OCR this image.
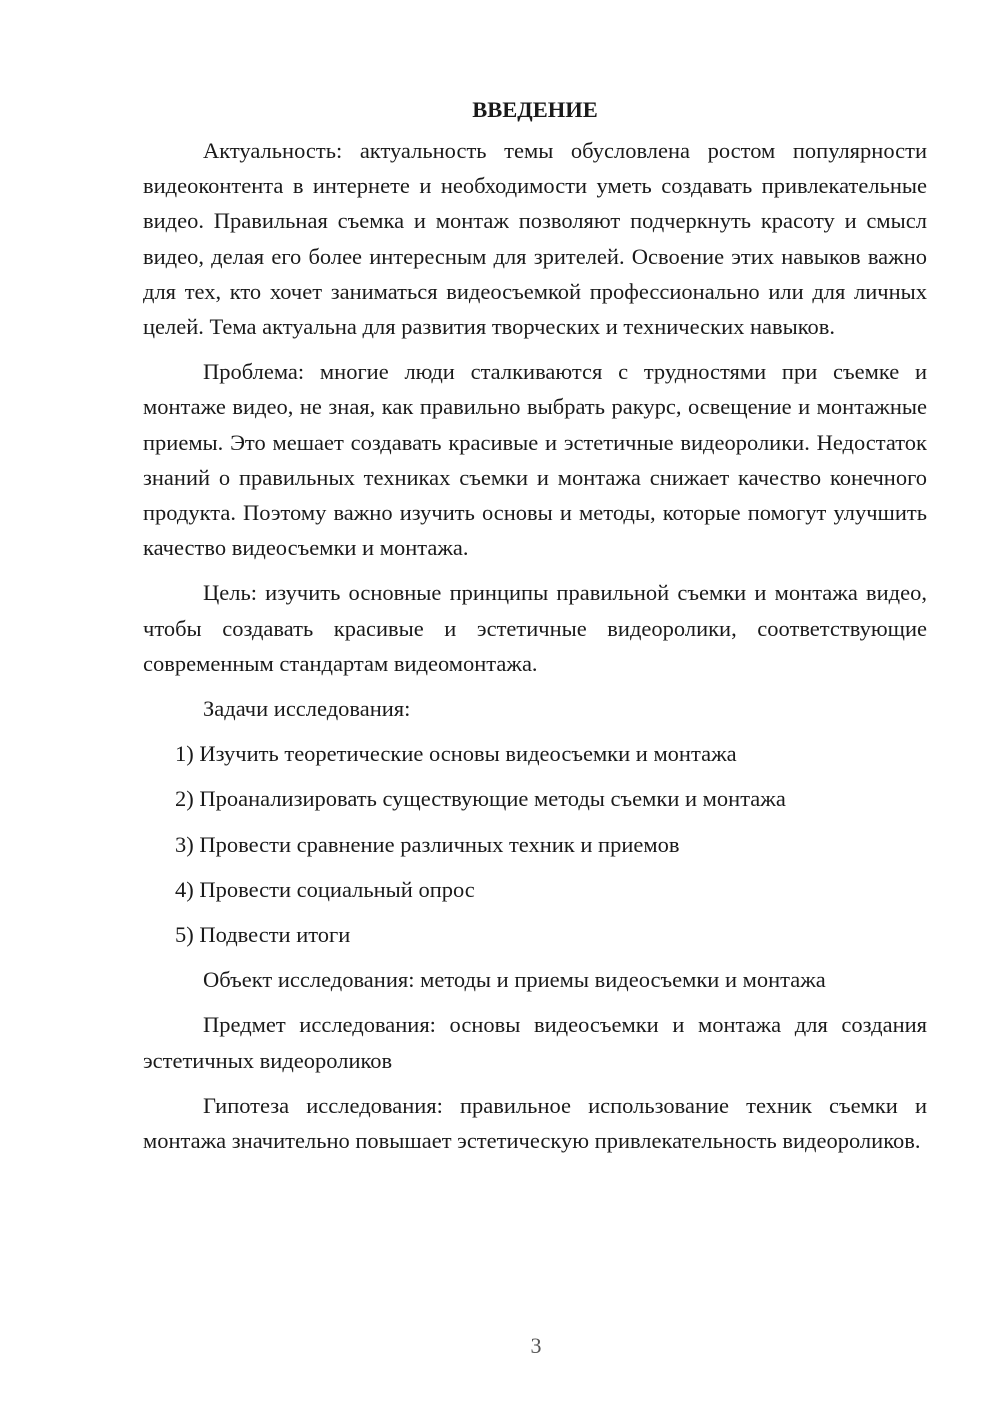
ВВЕДЕНИЕ

Актуальность: актуальность темы обусловлена ростом популярности видеоконтента в интернете и необходимости уметь создавать привлекательные видео. Правильная съемка и монтаж позволяют подчеркнуть красоту и смысл видео, делая его более интересным для зрителей. Освоение этих навыков важно для тех, кто хочет заниматься видеосъемкой профессионально или для личных целей. Тема актуальна для развития творческих и технических навыков.

Проблема: многие люди сталкиваются с трудностями при съемке и монтаже видео, не зная, как правильно выбрать ракурс, освещение и монтажные приемы. Это мешает создавать красивые и эстетичные видеоролики. Недостаток знаний о правильных техниках съемки и монтажа снижает качество конечного продукта. Поэтому важно изучить основы и методы, которые помогут улучшить качество видеосъемки и монтажа.

Цель: изучить основные принципы правильной съемки и монтажа видео, чтобы создавать красивые и эстетичные видеоролики, соответствующие современным стандартам видеомонтажа.

Задачи исследования:

1) Изучить теоретические основы видеосъемки и монтажа
2) Проанализировать существующие методы съемки и монтажа
3) Провести сравнение различных техник и приемов
4) Провести социальный опрос
5) Подвести итоги

Объект исследования: методы и приемы видеосъемки и монтажа

Предмет исследования: основы видеосъемки и монтажа для создания эстетичных видеороликов

Гипотеза исследования: правильное использование техник съемки и монтажа значительно повышает эстетическую привлекательность видеороликов.

3
